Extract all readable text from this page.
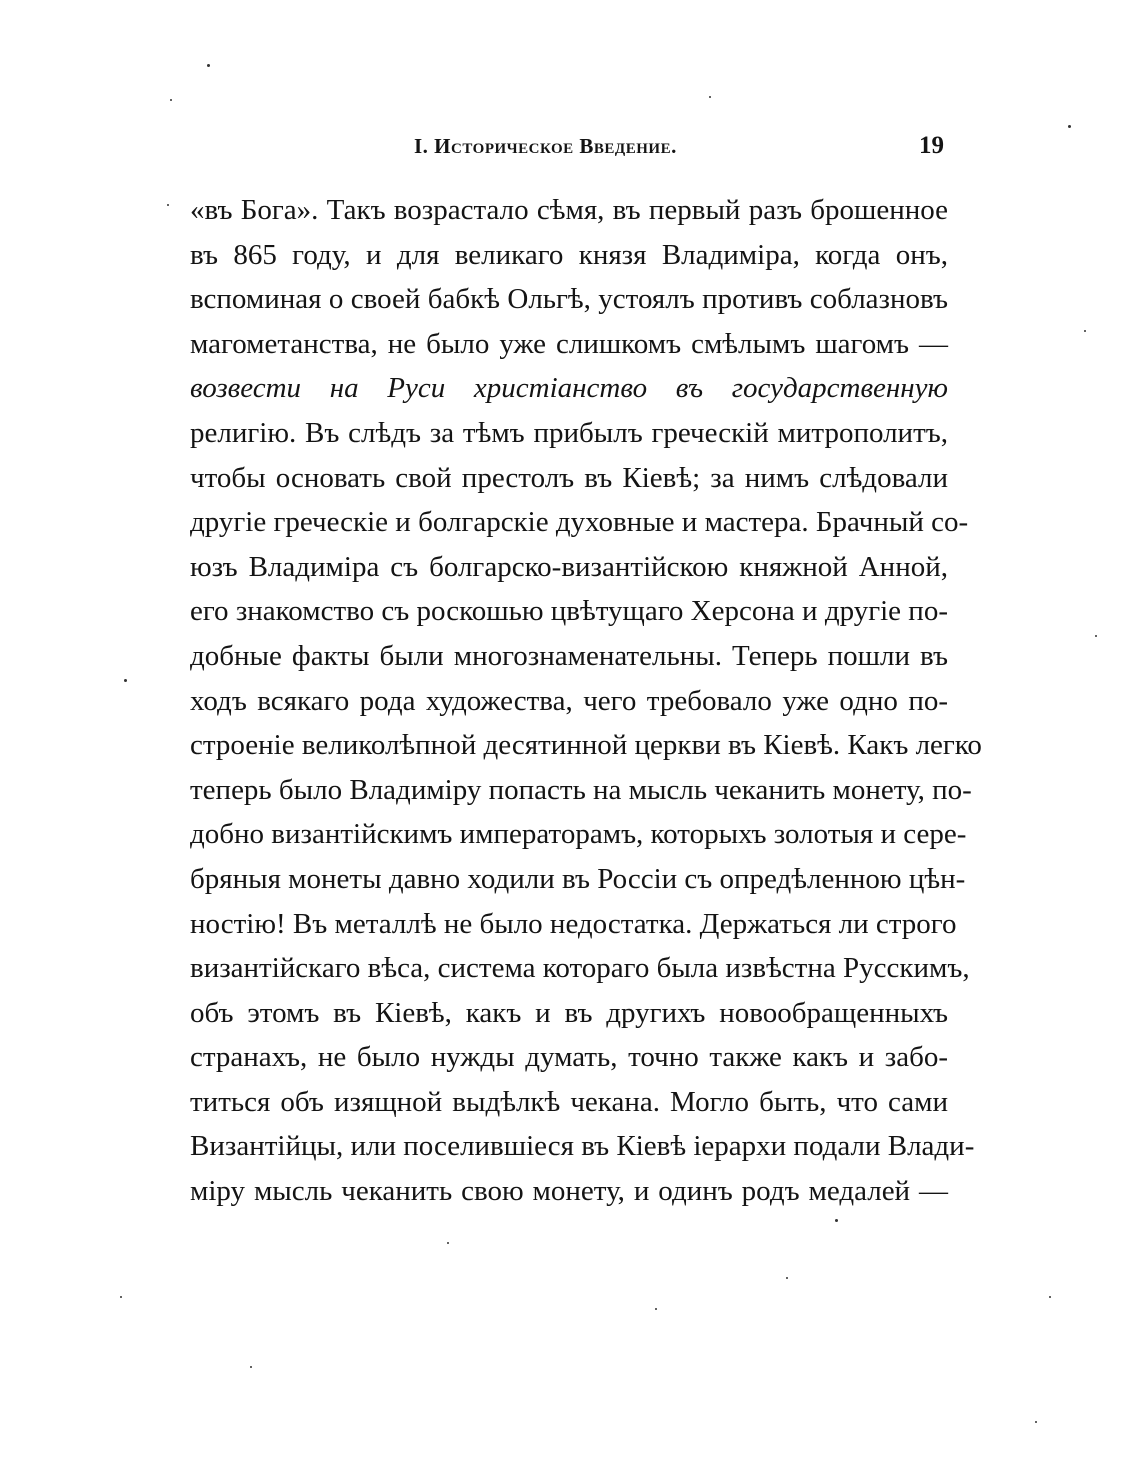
I. Историческое Введение.	19
«въ Бога». Такъ возрастало сѣмя, въ первый разъ брошенное
въ 865 году, и для великаго князя Владиміра, когда онъ,
вспоминая о своей бабкѣ Ольгѣ, устоялъ противъ соблазновъ
магометанства, не было уже слишкомъ смѣлымъ шагомъ —
возвести на Руси христіанство въ государственную
религію. Въ слѣдъ за тѣмъ прибылъ греческій митрополитъ,
чтобы основать свой престолъ въ Кіевѣ; за нимъ слѣдовали
другіе греческіе и болгарскіе духовные и мастера. Брачный со-
юзъ Владиміра съ болгарско-византійскою княжной Анной,
его знакомство съ роскошью цвѣтущаго Херсона и другіе по-
добные факты были многознаменательны. Теперь пошли въ
ходъ всякаго рода художества, чего требовало уже одно по-
строеніе великолѣпной десятинной церкви въ Кіевѣ. Какъ легко
теперь было Владиміру попасть на мысль чеканить монету, по-
добно византійскимъ императорамъ, которыхъ золотыя и сере-
бряныя монеты давно ходили въ Россіи съ опредѣленною цѣн-
ностію! Въ металлѣ не было недостатка. Держаться ли строго
византійскаго вѣса, система котораго была извѣстна Русскимъ,
объ этомъ въ Кіевѣ, какъ и въ другихъ новообращенныхъ
странахъ, не было нужды думать, точно также какъ и забо-
титься объ изящной выдѣлкѣ чекана. Могло быть, что сами
Византійцы, или поселившіеся въ Кіевѣ іерархи подали Влади-
міру мысль чеканить свою монету, и одинъ родъ медалей —
